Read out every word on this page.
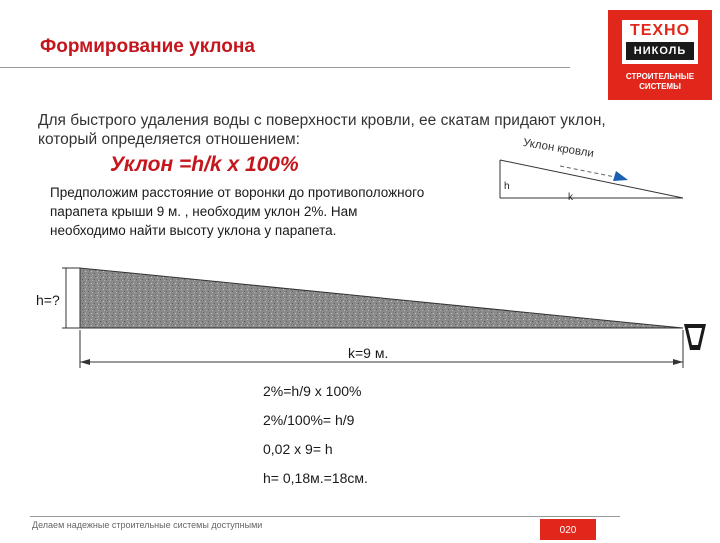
Формирование уклона
ТЕХНО
НИКОЛЬ
СТРОИТЕЛЬНЫЕ
СИСТЕМЫ
Для быстрого удаления воды с поверхности кровли, ее скатам придают уклон, который определяется отношением:
Уклон =h/k x 100%
Предположим расстояние от воронки до противоположного парапета крыши 9 м. , необходим уклон 2%. Нам необходимо найти высоту уклона у парапета.
Уклон кровли
h
k
h=?
k=9 м.
2%=h/9 x 100%
2%/100%= h/9
0,02 x 9= h
h= 0,18м.=18см.
Делаем надежные строительные системы доступными	020
